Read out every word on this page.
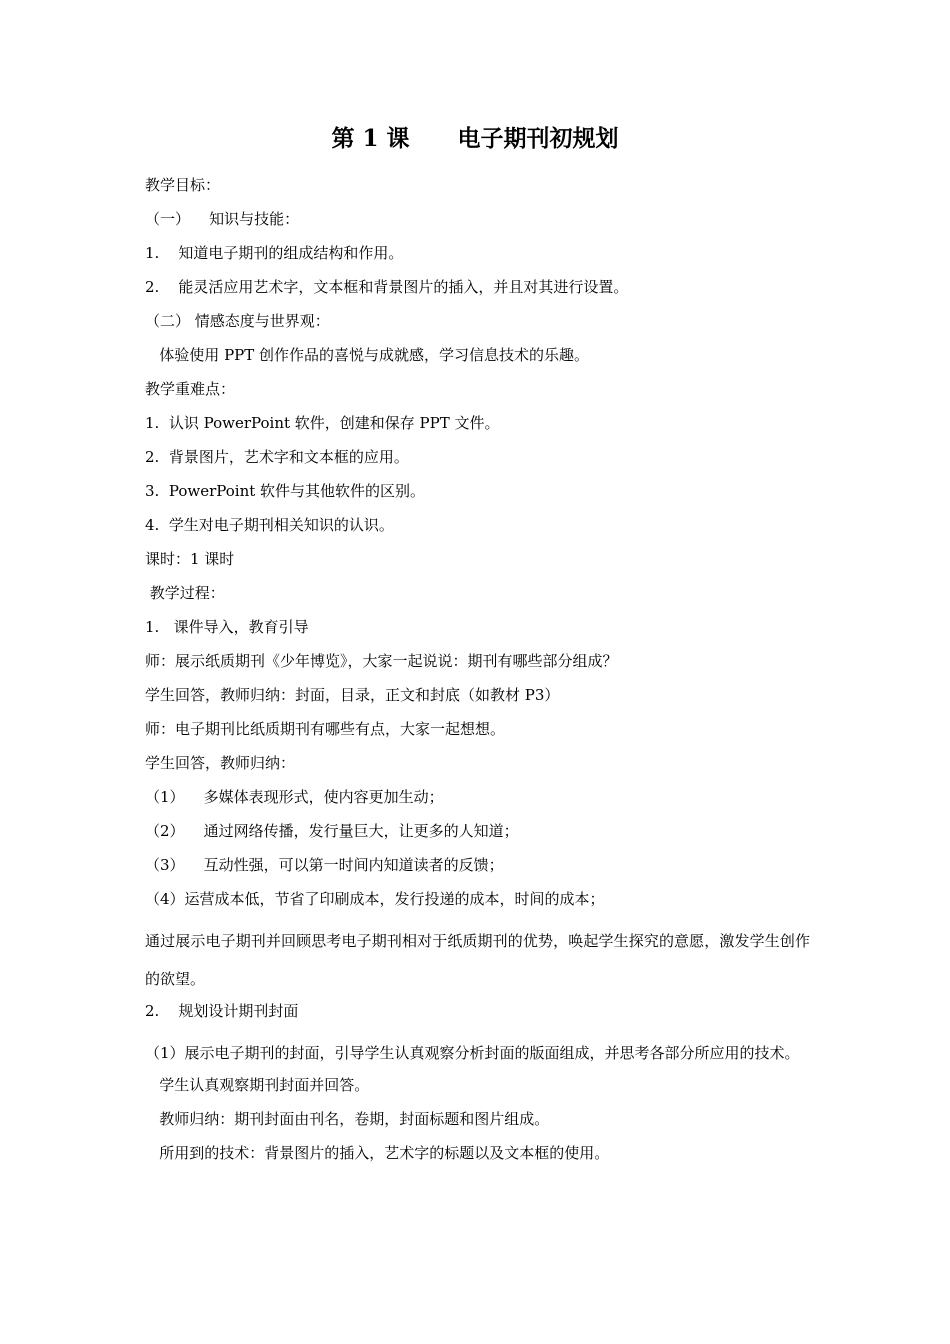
第 1 课      电子期刊初规划
教学目标：
（一）    知识与技能：
1.    知道电子期刊的组成结构和作用。
2.    能灵活应用艺术字，文本框和背景图片的插入，并且对其进行设置。
（二） 情感态度与世界观：
体验使用 PPT 创作作品的喜悦与成就感，学习信息技术的乐趣。
教学重难点：
1.  认识 PowerPoint 软件，创建和保存 PPT 文件。
2.  背景图片，艺术字和文本框的应用。
3.  PowerPoint 软件与其他软件的区别。
4.  学生对电子期刊相关知识的认识。
课时：1 课时
教学过程：
1.   课件导入，教育引导
师：展示纸质期刊《少年博览》，大家一起说说：期刊有哪些部分组成？
学生回答，教师归纳：封面，目录，正文和封底（如教材 P3）
师：电子期刊比纸质期刊有哪些有点，大家一起想想。
学生回答，教师归纳：
（1）    多媒体表现形式，使内容更加生动；
（2）    通过网络传播，发行量巨大，让更多的人知道；
（3）    互动性强，可以第一时间内知道读者的反馈；
（4）运营成本低，节省了印刷成本，发行投递的成本，时间的成本；
通过展示电子期刊并回顾思考电子期刊相对于纸质期刊的优势，唤起学生探究的意愿，激发学生创作的欲望。
2.    规划设计期刊封面
（1）展示电子期刊的封面，引导学生认真观察分析封面的版面组成，并思考各部分所应用的技术。
学生认真观察期刊封面并回答。
教师归纳：期刊封面由刊名，卷期，封面标题和图片组成。
所用到的技术：背景图片的插入，艺术字的标题以及文本框的使用。
